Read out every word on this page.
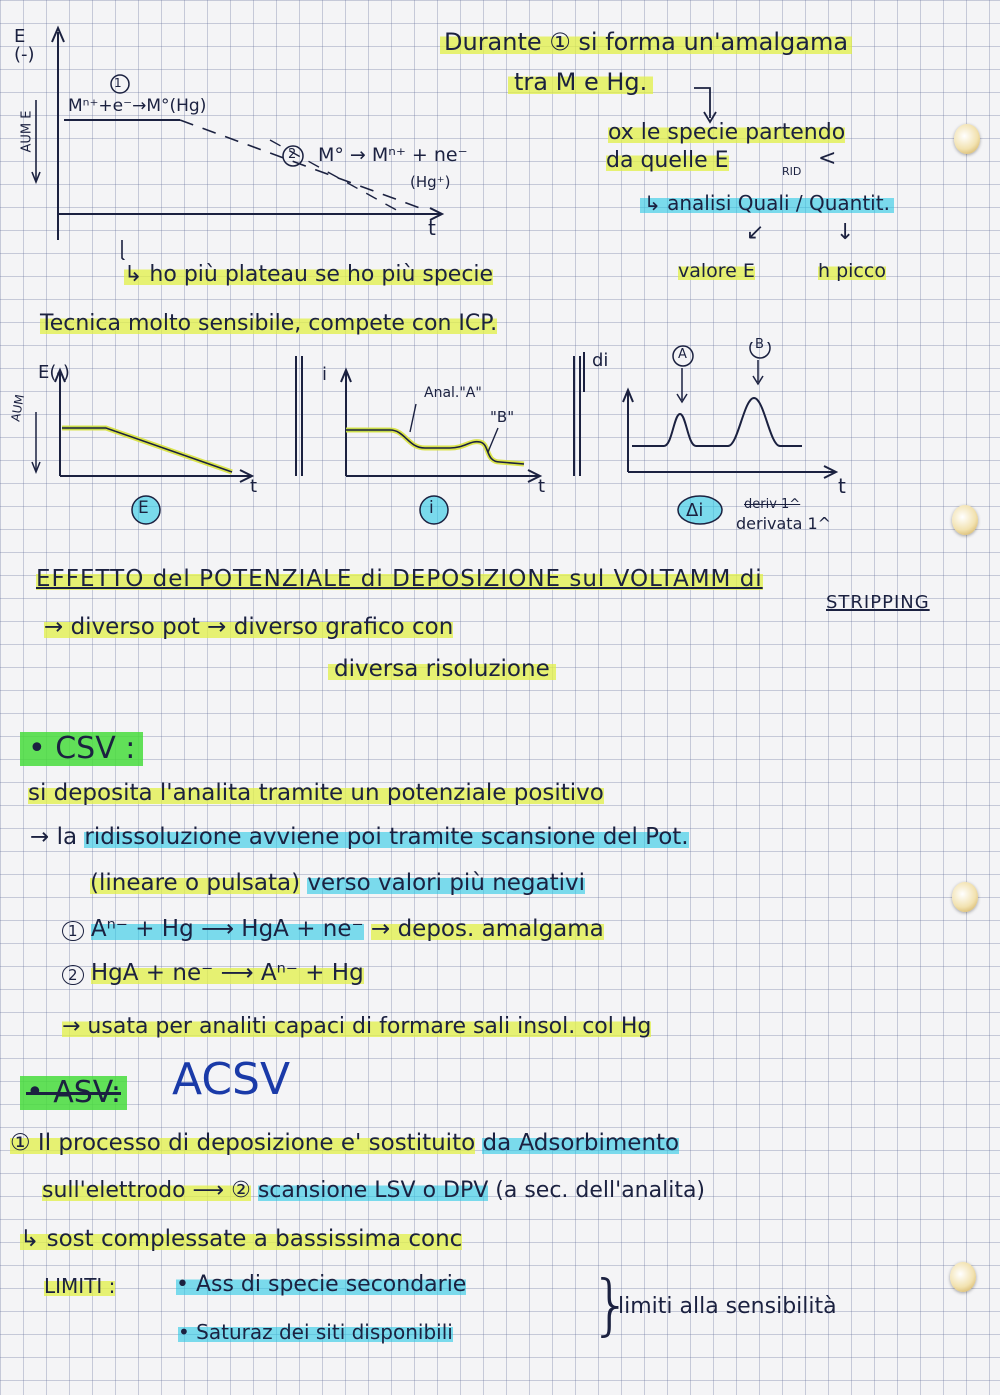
E
(-)
AUM E
1
Mⁿ⁺+e⁻→M°(Hg)
2 M° → Mⁿ⁺ + ne⁻
(Hg⁺)
t
Durante ① si forma un'amalgama
tra M e Hg.
ox le specie partendo
da quelle E	RID
<
↳ analisi Quali / Quantit.
↙	↓
valore E	h picco
↳ ho più plateau se ho più specie
Tecnica molto sensibile, compete con ICP.
E(-)
AUM
t
E
i
Anal."A"
"B"
t
i
di	A
B
t
Δi	deriv 1^
derivata 1^
EFFETTO del POTENZIALE di DEPOSIZIONE sul VOLTAMM di
STRIPPING
→ diverso pot → diverso grafico con
diversa risoluzione
• CSV :
si deposita l'analita tramite un potenziale positivo
→ la ridissoluzione avviene poi tramite scansione del Pot.
(lineare o pulsata) verso valori più negativi
1 Aⁿ⁻ + Hg ⟶ HgA + ne⁻ → depos. amalgama
2 HgA + ne⁻ ⟶ Aⁿ⁻ + Hg
→ usata per analiti capaci di formare sali insol. col Hg
• ASV: ACSV
① Il processo di deposizione e' sostituito da Adsorbimento
sull'elettrodo ⟶ ② scansione LSV o DPV (a sec. dell'analita)
↳ sost complessate a bassissima conc
LIMITI :	• Ass di specie secondarie
• Saturaz dei siti disponibili }
limiti alla sensibilità
